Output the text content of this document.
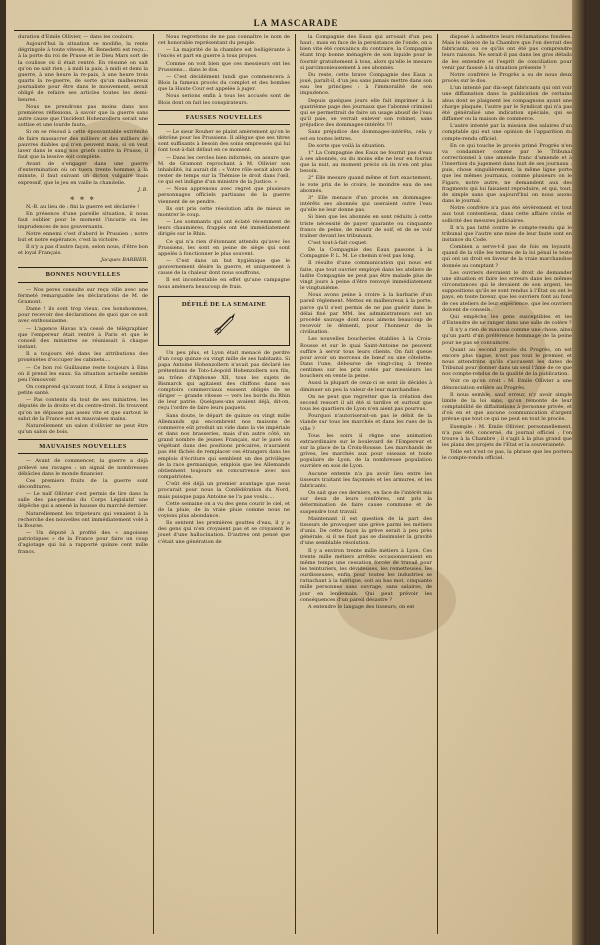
LA MASCARADE

duration d'Emile Ollivier, — dans les couloirs.

Aujourd'hui la situation se modifie, la rente dégringole à toute vitesse, M. Benedetti est reçu... à la porte du roi de Prusse et le Dieu Mars sort de la coulisse où il était rentré. En résumé on sait qu'on ne sait rien ; à midi la paix, à midi et demi la guerre, à une heure la re-paix, à une heure trois quarts la re-guerre, de sorte qu'un malheureux journaliste pour être dans le mouvement, serait obligé de refaire ses articles toutes les demi-heures.

Nous ne prendrons pas moins dans nos premières réflexions, à savoir que la guerre sans autre cause que l'incident Hohenzollern serait une sottise et une lourde faute.

Si on se résoud à cette épouvantable extrémité de faire massacrer des milliers et des milliers de pauvres diables qui n'en peuvent mais, si on veut laver dans le sang nos griefs contre la Prusse, il faut que la lessive soit complète.

Avant de s'engager dans une guerre d'extermination où on tuera trente hommes à la minute, il faut suivant un dicton vulgaire mais expressif, que le jeu en vaille la chandelle.

J. B.
✲ ✲ ✲

N.-B. au lieu de : fini la guerre est déclarée !

En présence d'une pareille situation, il nous faut oublier pour le moment l'incurie ou les imprudences de nos gouvernants.

Notre ennemi c'est d'abord le Prussien ; notre but et notre espérance, c'est la victoire.

Il n'y a pas d'autre façon, selon nous, d'être bon et loyal Français.

Jacques BARBIER.
BONNES NOUVELLES

— Nos peres consulte sur reçu ville avec une fermeté remarquable les déclarations de M. de Gramont.

Dame ! ils sont trop vieux, ces bonshommes, pour recevoir des déclarations de quoi que ce soit avec enthousiasme.

— L'agence Havas n'a cessé de télégraphier que l'empereur était rentré à Paris et que le conseil des ministres se réunissait à chaque instant.

Il a toujours été dans les attributions des proxénètes d'occuper les cabinets....

— Ce bon roi Guillaume reste toujours à Ems où il prend les eaux. Sa situation actuelle semble peu l'émouvoir.

On comprend qu'avant tout, il Ems à soigner sa petite santé.

— Pas contents du tout de ses ministres, les députés de la droite et du centre-droit. Ils trouvent qu'on ne dépasse pas assez vite et que surtout le salut de la France est en mauvaises mains.

Naturellement un salon d'ollivier ne peut être qu'un salon de bois.

MAUVAISES NOUVELLES

— Avant de commencer, la guerre a déjà prélevé ses ravages : un signal de nombreuses débâcles dans le monde financier.

Ces premiers fruits de la guerre sont déconfitures.

— Le naïf Ollivier s'est permis de lire dans la salle des pas-perdus du Corps Législatif une dépêche qui a amené la hausse du marché dernier.

Naturellement les tripoteurs qui venaient à la recherche des nouvelles ont immédiatement volé à la Bourse.

— Un député à profité des « angoisses patriotiques » de la France pour faire un coup d'agiotage qui lui a rapporté quinze cent mille francs.

Nous regrettons de ne pas connaître le nom de cet honorable représentant du peuple.

— La majorité de la chambre est belligérante à l'excès et part en guerre à tous propos.

Comme on voit bien que ces messieurs ont les Prussiens... dans le dos.

— C'est décidément lundi que commencera à Blois la fameux procès du complot et des bombes que la Haute Cour est appelée à juger.

Nous serions enfin à tous les accusés sont de Blois dont on fait les conspirateurs.

FAUSSES NOUVELLES

— Le sieur Rouher se plaint amèrement qu'on le détrône pour les Prussiens. Il allègue que ses titres sont suffisants à besoin des soins empressés qui lui font tout-à-fait défaut en ce moment.

— Dans les cercles bien informés, on assure que M. de Gramont reprochant à M. Ollivier son inhabilité, lui aurait dit : « Votre rôle serait alors de rester de temps sur la Thémise le droit dans l'œil, ce qui est indigne d'un ministre de la Justice. »

— Nous apprenons avec regret que plusieurs personnages officiels partisans de la guerre viennent de se pendre.

Ils ont pris cette résolution afin de mieux se montrer le coup.

— Les sommants qui ont éclaté récemment de leurs chaumières, frappés ont été immédiatement dirigés sur le Rhin.

Ce qui n'a rien d'étonnant attendu qu'avec les Prussiens, les sont en peine de siège qui sont appelés à fonctionner le plus souvent.

— C'est dans un but hygiénique que le gouvernement désire la guerre, et uniquement à cause de la chaleur dont nous souffrons.

Il est incontestable en effet qu'une campagne nous amènera beaucoup de frais.

DÉFILÉ DE LA SEMAINE

Un peu plus, et Lyon était menacé de perdre d'un coup quinze ou vingt mille de ses habitants. Si papa Antoine Hohenzollern n'avait pas déclaré les prétentions de Toto-Léopold Hohenzollern son fils, au trône d'Alphonse XII, tous les sujets de Bismarck qui agitaient des chiffons dans nos comptoirs commerciaux eussent obligés de se diriger — grande vitesse — vers les bords du Rhin de leur patrie. Quelques-uns avaient déjà, dit-on, reçu l'ordre de faire leurs paquets.

Sans doute, le départ de quinze ou vingt mille Allemands qui encombrent nos maisons de commerce eût produit un vide dans la vie impériale et dans nos brasseries, mais d'un autre côté, un grand nombre de jeunes Français, sur le pavé ou végétant dans des positions précaires, n'auraient pas été fâchés de remplacer ces étrangers dans les emplois d'écriture qui semblent un des privilèges de la race germanique, emplois que les Allemands obtiennent toujours en concurrence avec nos compatriotes.

C'eût été déjà un premier avantage que nous procurait pour nous la Confédération du Nord, mais puisque papa Antoine ne l'a pas voulu....

Cette semaine on a vu des gens courir le ciel, et de la pluie, de la vraie pluie comme nous ne voyions plus abondance.

Ils sentent les premières gouttes d'eau, il y a des gens qui n'en croyaient pas et se croyaient le jouet d'une hallucination. D'autres ont pensé que c'était une génération de

la Compagnie des Eaux qui arrosait d'un peu haut ; mais en face de la persistance de l'onde, on a bien vite été convaincu du contraire, la Compagnie étant trop bonne ménagère de son liquide pour le fournir gratuitement à tous, alors qu'elle le mesure si parcimonieusement à ses abonnés.

Du reste, cette brave Compagnie des Eaux a joué, paraît-il, d'un jeu sans jamais mettre dans son eau les principes : à l'immoralité de son impudence.

Depuis quelques jours elle fait imprimer à la quatrième page des journaux que l'abonné criminel qui se permettrait de faire un usage abusif de l'eau qu'il paie, se verrait enlever son robinet, sans préjudice des dommages-intérêts !!!

Sans préjudice des dommages-intérêts, cela y est en toutes lettres.

De sorte que voilà la situation.

1° La Compagnie des Eaux ne fournit pas d'eau à ses abonnés, ou du moins elle ne leur en fournit que la nuit, au moment précis où ils n'en ont plus besoin.

2° Elle mesure quand même et fort exactement, le vote prix de le croire, le moindre eau de ses abonnés.

3° Elle menace d'un procès en dommages-intérêts ses abonnés qui useraient outre l'eau qu'elle ne leur donne pas.

Si bien que les abonnés en sont réduits à cette triste nécessité de payer quarante ou cinquante francs de peine, de mourir de soif, et de se voir traîner devant les tribunaux.

C'est tout-à-fait coquet.

De la Compagnie des Eaux passons à la Compagnie P. L. M. Le chemin n'est pas long.

Il résulte d'une communication qui nous est faite, que tout ouvrier employé dans les ateliers de ladite Compagnie ne peut pas être malade plus de vingt jours à peine d'être renvoyé immédiatement le vingtunième.

Nous avons peine à croire à la barbarie d'un pareil règlement. Mettez en malheureux à la porte, parce qu'il s'est permis de ne pas guérir dans le délai fixé par MM. les administrateurs est un procédé sauvage dont nous aimons beaucoup de recevoir le démenti, pour l'honneur de la civilisation.

Les nouvelles boucheries établies à la Croix-Rousse et sur le quai Saint-Antoine ne peuvent suffire à servir tous leurs clients. On fait queue pour avoir un morceau de bœuf ou une côtelette. Dans l'une, débourse de vingt-cinq à trente centimes sur les prix cotés par messieurs les bouchers en vente la peine.

Aussi la plupart de ceux-ci se sont ils décidés à diminuer un peu la valeur de leur marchandise.

On ne peut que regretter que la création des second ressort il ait été si tardive et surtout que tous les quartiers de Lyon n'en aient pas pourvus.

Pourquoi n'autoriserait-on pas le débit de la viande sur tous les marchés et dans les rues de la ville ?

Tous les soirs il règne une animation extraordinaire sur le boulevard de l'Empereur et sur la place de la Croix-Rousse. Les marchands de grives, les marchés aux pour oiseaux et toute populaire de Lyon, de la nombreuse population ouvrière en sois de Lyon.

Aucune entente n'a pu avoir lieu entre les tisseurs traitant les façonnés et les armures, et les fabricants.

On sait que ces derniers, en face de l'intérêt mis sur deux de leurs confrères, ont pris la détermination de faire cause commune et de suspendre tout travail.

Maintenant il est question de la part des tisseurs de provoquer une grève parmi les métiers d'unis. De cette façon la grève serait à peu près générale, si il ne faut pas se dissimuler la gravité d'une semblable résolution.

Il y a environ trente mille métiers à Lyon. Ces trente mille métiers arrêtés occasionneraient en même temps une cessation forcée de travail pour les teinturiers, les dévideuses, les remetteuses, les ourdisseuses, enfin pour toutes les industries se rattachant à la fabrique, soit au bas mot, cinquante mille personnes sans ouvrage, sans salaires, de jour en lendemain. Qui peut prévoir les conséquences d'un pareil désastre ?

A entendre le langage des tisseurs, on est

disposé à admettre leurs réclamations fondées. Mais le silence de la Chambre que l'on devrait des fabricants, ou ce qu'ils ont été pas comprendre leurs raisons. Ne serait-il pas dans les gros détails de les entendre et l'esprit de conciliation pour venir par faussé à la situation présente ?

Notre confrère le Progrès a su de nous deux procès sur le dos.

L'un intenté par dix-sept fabricants qui ont voir une diffamation dans la publication de certains abus dont se plaignent les compagnons ayant une charge plaquée, l'autre par le Syndicat qui n'a pas été généralisé une indication spéciale, qui se diffamer ou la maison de commerce.

L'autre intenté par la mission des salaires d'un comptable qui eut une opinion de l'apparition du compte-rendu officiel.

En ce qui touche le procès primé Progrès n'en va condamner comme par le Tribunal correctionnel à une amende franc d'amende et à l'insertion du jugement dans huit de ses journaux ; puis, chose singulièrement, la même ligne porte que les mêmes journaux, comme plusieurs on le Figaro, notre autre, ne demandent aux des fragments qui lui faisaient reproduire, et qui, tout, de simple sans que aujourd'hui on nous auons dans le journal.

Notre confrère n'a pas été sévèrement et tout aux tout contentieux, dans cette affaire civile et sollicité des mesures judiciaires.

Il n'a pas lutté contre le compte-rendu qui le tribunal que l'autre une mise de leur faute sont en instance du Code.

Combien a serve-t-il pas de fois en loyauté, quand de la ville les termes de la loi pénal le texte qui ont un droit en faveur de la vraie marchandise donnée au comptant ?

Les ouvriers devraient le droit de demander une situation et faire les erreurs dans les mêmes circonstances qui le devaient de son argent, les suppositions qu'ils se sont rendus à l'État ou ont le pays, en toute faveur, que les ouvriers font au fond de ces ateliers de leur expérience, que les ouvriers doivent de conseils.

Qui empêche les gens susceptibles et les d'Entendre de ne ranger dans une salle de colère ?

Il n'y a rien de mauvais comme une chose, ainsi qu'un parti d'un préférence hommage de la peine pour ne pas se convaincre.

Quant au second procès du Progrès, on est encore plus vague, n'est pas tout le premier, et nous attendrons qu'ils s'accusent les dates de Tribunal pour donner dans un seul l'âme de ce que nos compte-rendus de la qualité de la publication.

Voir ce qu'on croit : M. Emile Ollivier a une dénonciation entière au Progrès.

Il nous semble, sauf erreur, n'y avoir simple limite de la loi sans, qu'on remonte de leur comptabilité de diffamations à personne privée, et d'où en et que aucune communication d'argent prévue que tout ce qui ne peut en tout le procès.

Exemple : M. Emile Ollivier, personnellement, n'a pas été, concerné, du journal officiel ; l'on trouve à la Chambre ; il s'agit à la plus grand que les plans des projets de l'Etat et la souveraineté.

Telle est n'est ce pas, la phrase que les portera le compte-rendu officiel.
